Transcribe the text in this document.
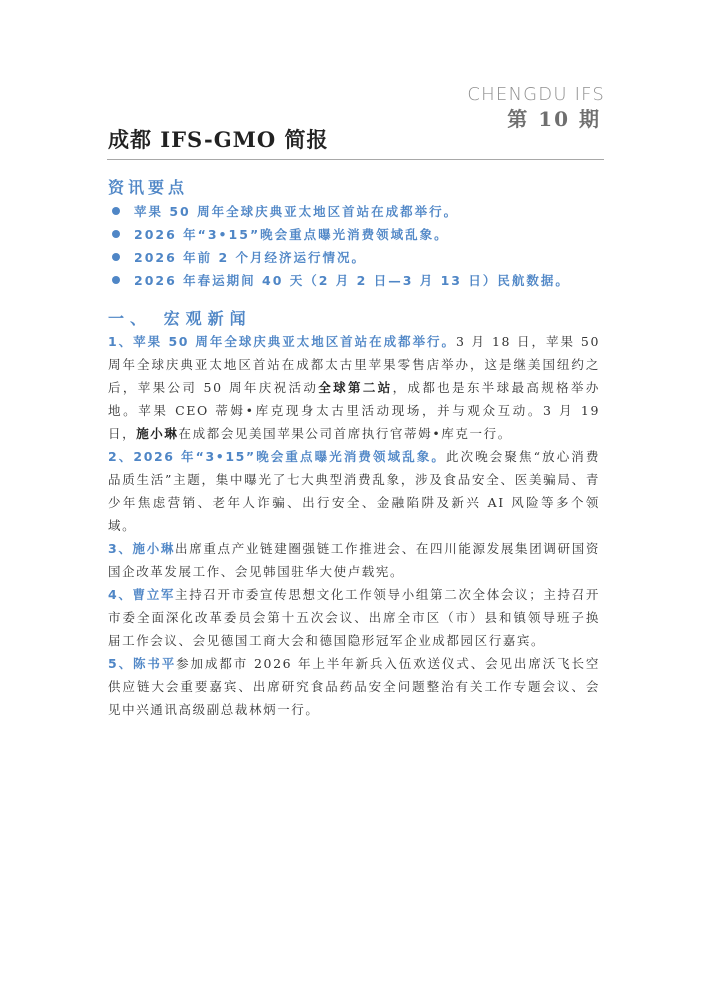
CHENGDU IFS
第 10 期
成都 IFS-GMO 简报
资讯要点
苹果 50 周年全球庆典亚太地区首站在成都举行。
2026 年“3•15”晚会重点曝光消费领域乱象。
2026 年前 2 个月经济运行情况。
2026 年春运期间 40 天（2 月 2 日—3 月 13 日）民航数据。
一、 宏观新闻

1、苹果 50 周年全球庆典亚太地区首站在成都举行。3 月 18 日，苹果 50 周年全球庆典亚太地区首站在成都太古里苹果零售店举办，这是继美国纽约之后，苹果公司 50 周年庆祝活动全球第二站，成都也是东半球最高规格举办地。苹果 CEO 蒂姆•库克现身太古里活动现场，并与观众互动。3 月 19 日，施小琳在成都会见美国苹果公司首席执行官蒂姆•库克一行。

2、2026 年“3•15”晚会重点曝光消费领域乱象。此次晚会聚焦“放心消费 品质生活”主题，集中曝光了七大典型消费乱象，涉及食品安全、医美骗局、青少年焦虑营销、老年人诈骗、出行安全、金融陷阱及新兴 AI 风险等多个领域。

3、施小琳出席重点产业链建圈强链工作推进会、在四川能源发展集团调研国资国企改革发展工作、会见韩国驻华大使卢载宪。

4、曹立军主持召开市委宣传思想文化工作领导小组第二次全体会议；主持召开市委全面深化改革委员会第十五次会议、出席全市区（市）县和镇领导班子换届工作会议、会见德国工商大会和德国隐形冠军企业成都园区行嘉宾。

5、陈书平参加成都市 2026 年上半年新兵入伍欢送仪式、会见出席沃飞长空供应链大会重要嘉宾、出席研究食品药品安全问题整治有关工作专题会议、会见中兴通讯高级副总裁林炳一行。
